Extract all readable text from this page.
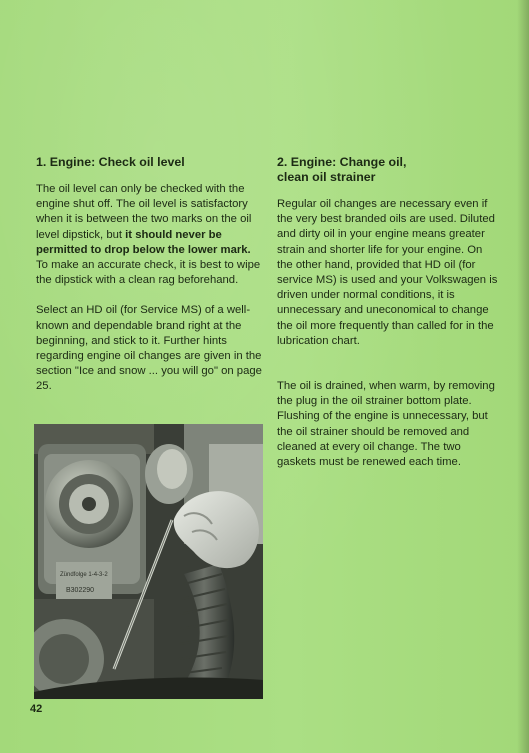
1. Engine: Check oil level

The oil level can only be checked with the engine shut off. The oil level is satisfactory when it is between the two marks on the oil level dipstick, but it should never be permitted to drop below the lower mark. To make an accurate check, it is best to wipe the dipstick with a clean rag beforehand.

Select an HD oil (for Service MS) of a well-known and dependable brand right at the beginning, and stick to it. Further hints regarding engine oil changes are given in the section "Ice and snow ... you will go" on page 25.

2. Engine: Change oil,
clean oil strainer

Regular oil changes are necessary even if the very best branded oils are used. Diluted and dirty oil in your engine means greater strain and shorter life for your engine. On the other hand, provided that HD oil (for service MS) is used and your Volkswagen is driven under normal conditions, it is unnecessary and uneconomical to change the oil more frequently than called for in the lubrication chart.

The oil is drained, when warm, by removing the plug in the oil strainer bottom plate. Flushing of the engine is unnecessary, but the oil strainer should be removed and cleaned at every oil change. The two gaskets must be renewed each time.

Zündfolge 1-4-3-2
B302290
42
